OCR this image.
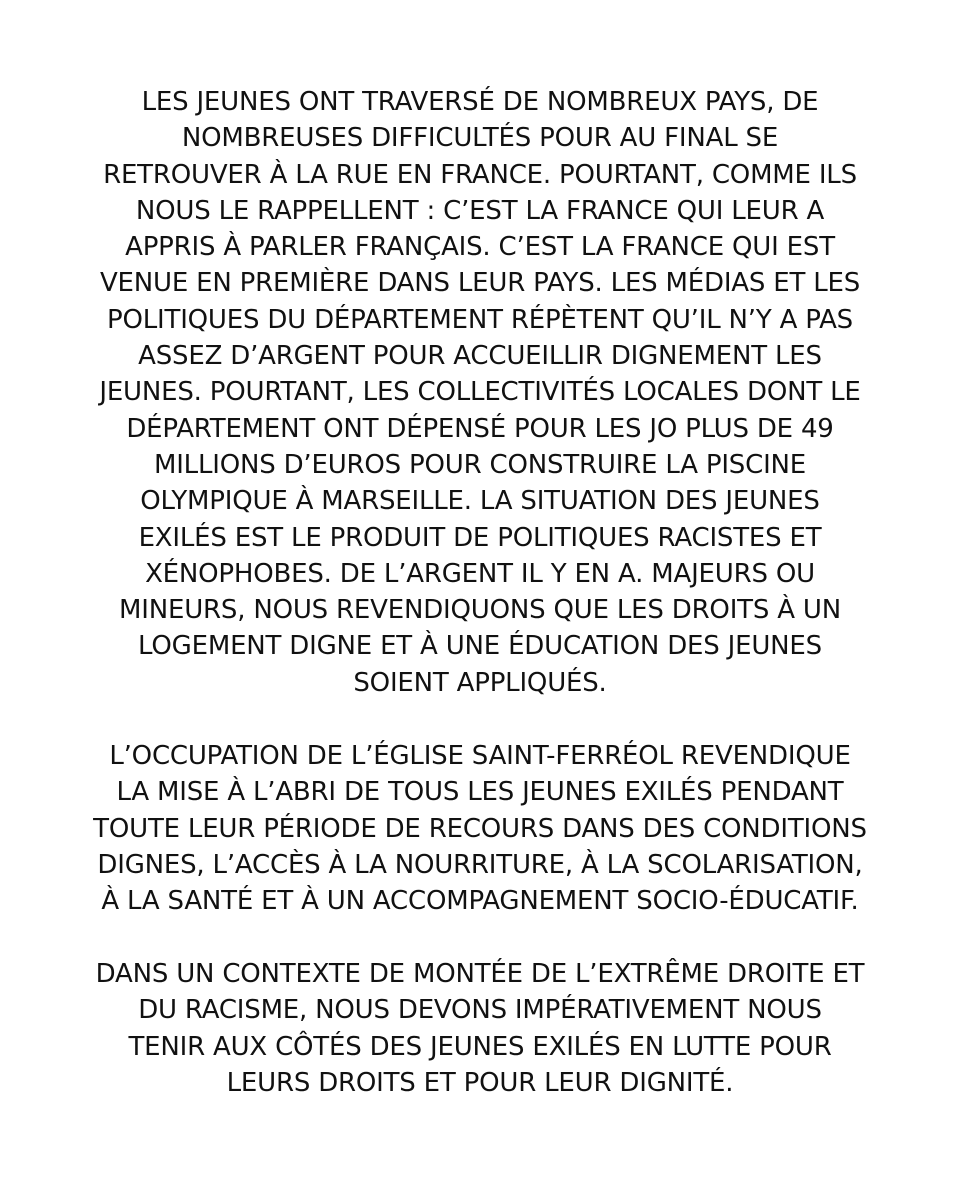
LES JEUNES ONT TRAVERSÉ DE NOMBREUX PAYS, DE
NOMBREUSES DIFFICULTÉS POUR AU FINAL SE
RETROUVER À LA RUE EN FRANCE. POURTANT, COMME ILS
NOUS LE RAPPELLENT : C’EST LA FRANCE QUI LEUR A
APPRIS À PARLER FRANÇAIS. C’EST LA FRANCE QUI EST
VENUE EN PREMIÈRE DANS LEUR PAYS. LES MÉDIAS ET LES
POLITIQUES DU DÉPARTEMENT RÉPÈTENT QU’IL N’Y A PAS
ASSEZ D’ARGENT POUR ACCUEILLIR DIGNEMENT LES
JEUNES. POURTANT, LES COLLECTIVITÉS LOCALES DONT LE
DÉPARTEMENT ONT DÉPENSÉ POUR LES JO PLUS DE 49
MILLIONS D’EUROS POUR CONSTRUIRE LA PISCINE
OLYMPIQUE À MARSEILLE. LA SITUATION DES JEUNES
EXILÉS EST LE PRODUIT DE POLITIQUES RACISTES ET
XÉNOPHOBES. DE L’ARGENT IL Y EN A. MAJEURS OU
MINEURS, NOUS REVENDIQUONS QUE LES DROITS À UN
LOGEMENT DIGNE ET À UNE ÉDUCATION DES JEUNES
SOIENT APPLIQUÉS.
L’OCCUPATION DE L’ÉGLISE SAINT-FERRÉOL REVENDIQUE
LA MISE À L’ABRI DE TOUS LES JEUNES EXILÉS PENDANT
TOUTE LEUR PÉRIODE DE RECOURS DANS DES CONDITIONS
DIGNES, L’ACCÈS À LA NOURRITURE, À LA SCOLARISATION,
À LA SANTÉ ET À UN ACCOMPAGNEMENT SOCIO-ÉDUCATIF.
DANS UN CONTEXTE DE MONTÉE DE L’EXTRÊME DROITE ET
DU RACISME, NOUS DEVONS IMPÉRATIVEMENT NOUS
TENIR AUX CÔTÉS DES JEUNES EXILÉS EN LUTTE POUR
LEURS DROITS ET POUR LEUR DIGNITÉ.
